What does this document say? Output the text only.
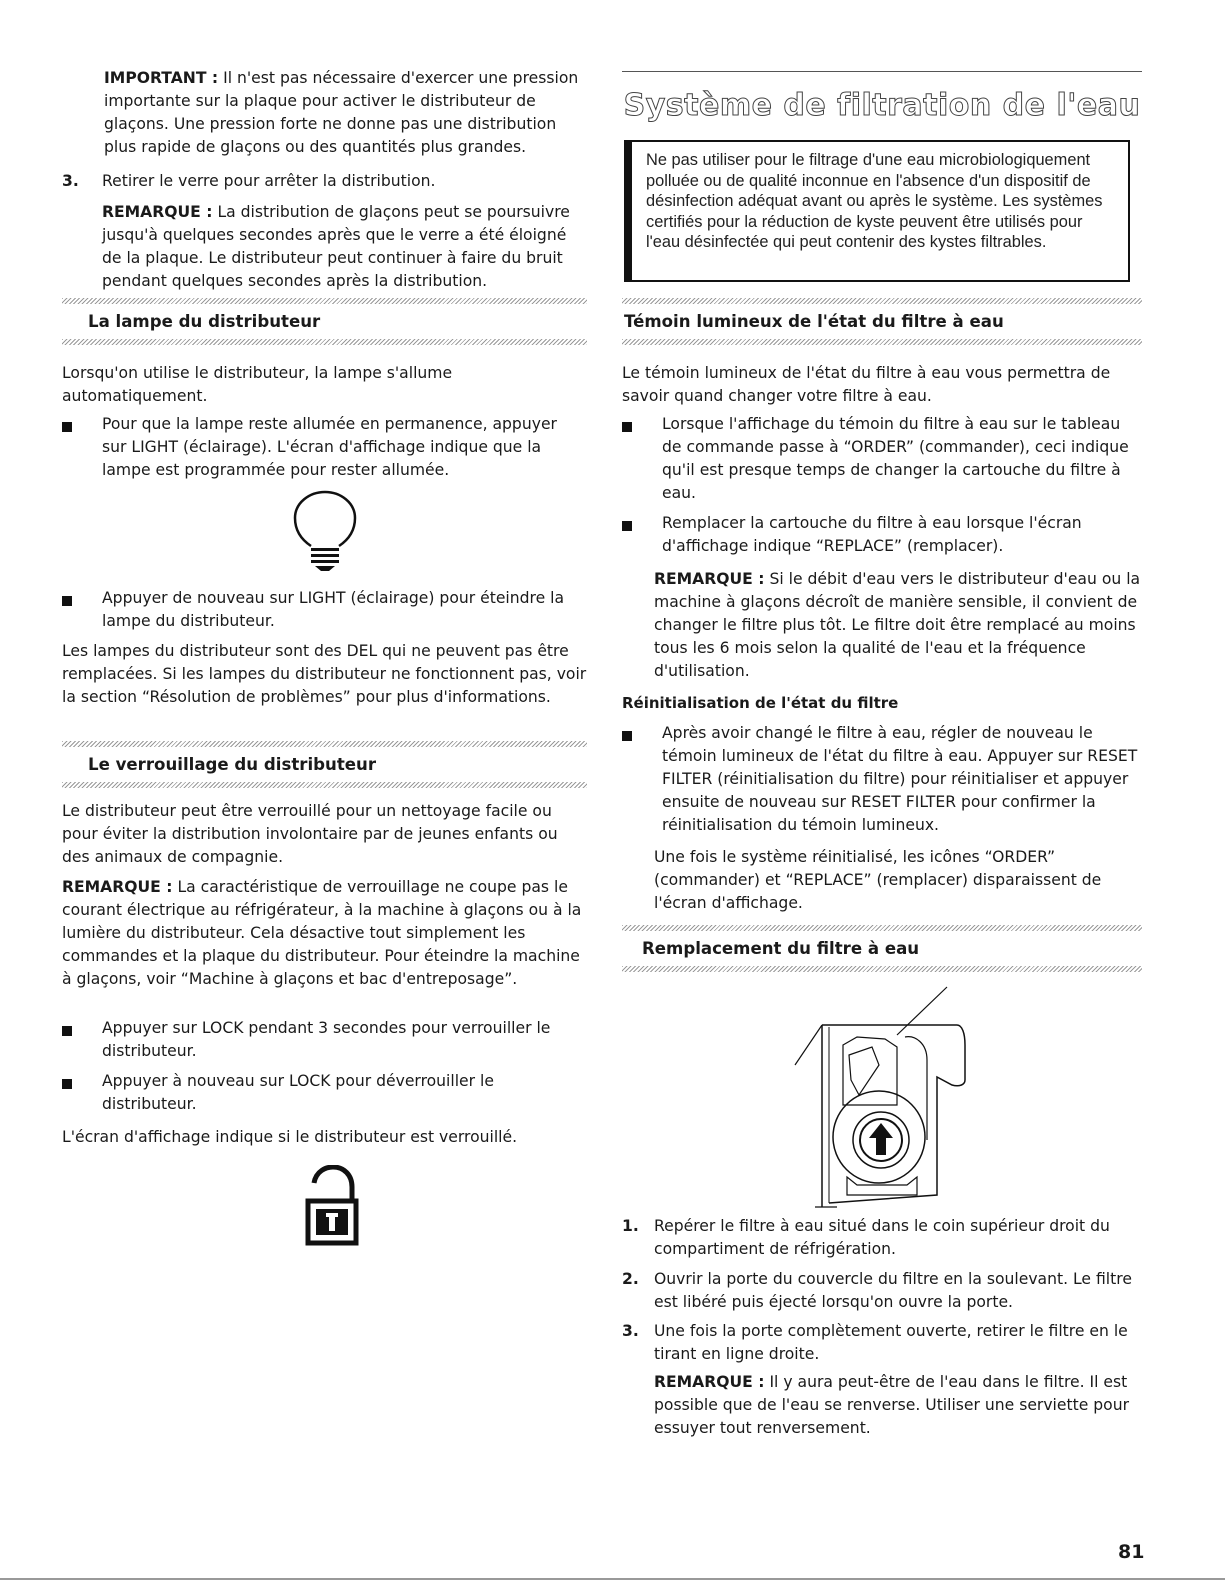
IMPORTANT : Il n'est pas nécessaire d'exercer une pression importante sur la plaque pour activer le distributeur de glaçons. Une pression forte ne donne pas une distribution plus rapide de glaçons ou des quantités plus grandes.

3. Retirer le verre pour arrêter la distribution.

REMARQUE : La distribution de glaçons peut se poursuivre jusqu'à quelques secondes après que le verre a été éloigné de la plaque. Le distributeur peut continuer à faire du bruit pendant quelques secondes après la distribution.

La lampe du distributeur

Lorsqu'on utilise le distributeur, la lampe s'allume automatiquement.

Pour que la lampe reste allumée en permanence, appuyer sur LIGHT (éclairage). L'écran d'affichage indique que la lampe est programmée pour rester allumée.

Appuyer de nouveau sur LIGHT (éclairage) pour éteindre la lampe du distributeur.

Les lampes du distributeur sont des DEL qui ne peuvent pas être remplacées. Si les lampes du distributeur ne fonctionnent pas, voir la section “Résolution de problèmes” pour plus d'informations.

Le verrouillage du distributeur

Le distributeur peut être verrouillé pour un nettoyage facile ou pour éviter la distribution involontaire par de jeunes enfants ou des animaux de compagnie.

REMARQUE : La caractéristique de verrouillage ne coupe pas le courant électrique au réfrigérateur, à la machine à glaçons ou à la lumière du distributeur. Cela désactive tout simplement les commandes et la plaque du distributeur. Pour éteindre la machine à glaçons, voir “Machine à glaçons et bac d'entreposage”.

Appuyer sur LOCK pendant 3 secondes pour verrouiller le distributeur.

Appuyer à nouveau sur LOCK pour déverrouiller le distributeur.

L'écran d'affichage indique si le distributeur est verrouillé.

Système de filtration de l'eau

Ne pas utiliser pour le filtrage d'une eau microbiologiquement polluée ou de qualité inconnue en l'absence d'un dispositif de désinfection adéquat avant ou après le système. Les systèmes certifiés pour la réduction de kyste peuvent être utilisés pour l'eau désinfectée qui peut contenir des kystes filtrables.

Témoin lumineux de l'état du filtre à eau

Le témoin lumineux de l'état du filtre à eau vous permettra de savoir quand changer votre filtre à eau.

Lorsque l'affichage du témoin du filtre à eau sur le tableau de commande passe à “ORDER” (commander), ceci indique qu'il est presque temps de changer la cartouche du filtre à eau.

Remplacer la cartouche du filtre à eau lorsque l'écran d'affichage indique “REPLACE” (remplacer).

REMARQUE : Si le débit d'eau vers le distributeur d'eau ou la machine à glaçons décroît de manière sensible, il convient de changer le filtre plus tôt. Le filtre doit être remplacé au moins tous les 6 mois selon la qualité de l'eau et la fréquence d'utilisation.

Réinitialisation de l'état du filtre

Après avoir changé le filtre à eau, régler de nouveau le témoin lumineux de l'état du filtre à eau. Appuyer sur RESET FILTER (réinitialisation du filtre) pour réinitialiser et appuyer ensuite de nouveau sur RESET FILTER pour confirmer la réinitialisation du témoin lumineux.

Une fois le système réinitialisé, les icônes “ORDER” (commander) et “REPLACE” (remplacer) disparaissent de l'écran d'affichage.

Remplacement du filtre à eau
1. Repérer le filtre à eau situé dans le coin supérieur droit du compartiment de réfrigération.

2. Ouvrir la porte du couvercle du filtre en la soulevant. Le filtre est libéré puis éjecté lorsqu'on ouvre la porte.

3. Une fois la porte complètement ouverte, retirer le filtre en le tirant en ligne droite.

REMARQUE : Il y aura peut-être de l'eau dans le filtre. Il est possible que de l'eau se renverse. Utiliser une serviette pour essuyer tout renversement.

81
